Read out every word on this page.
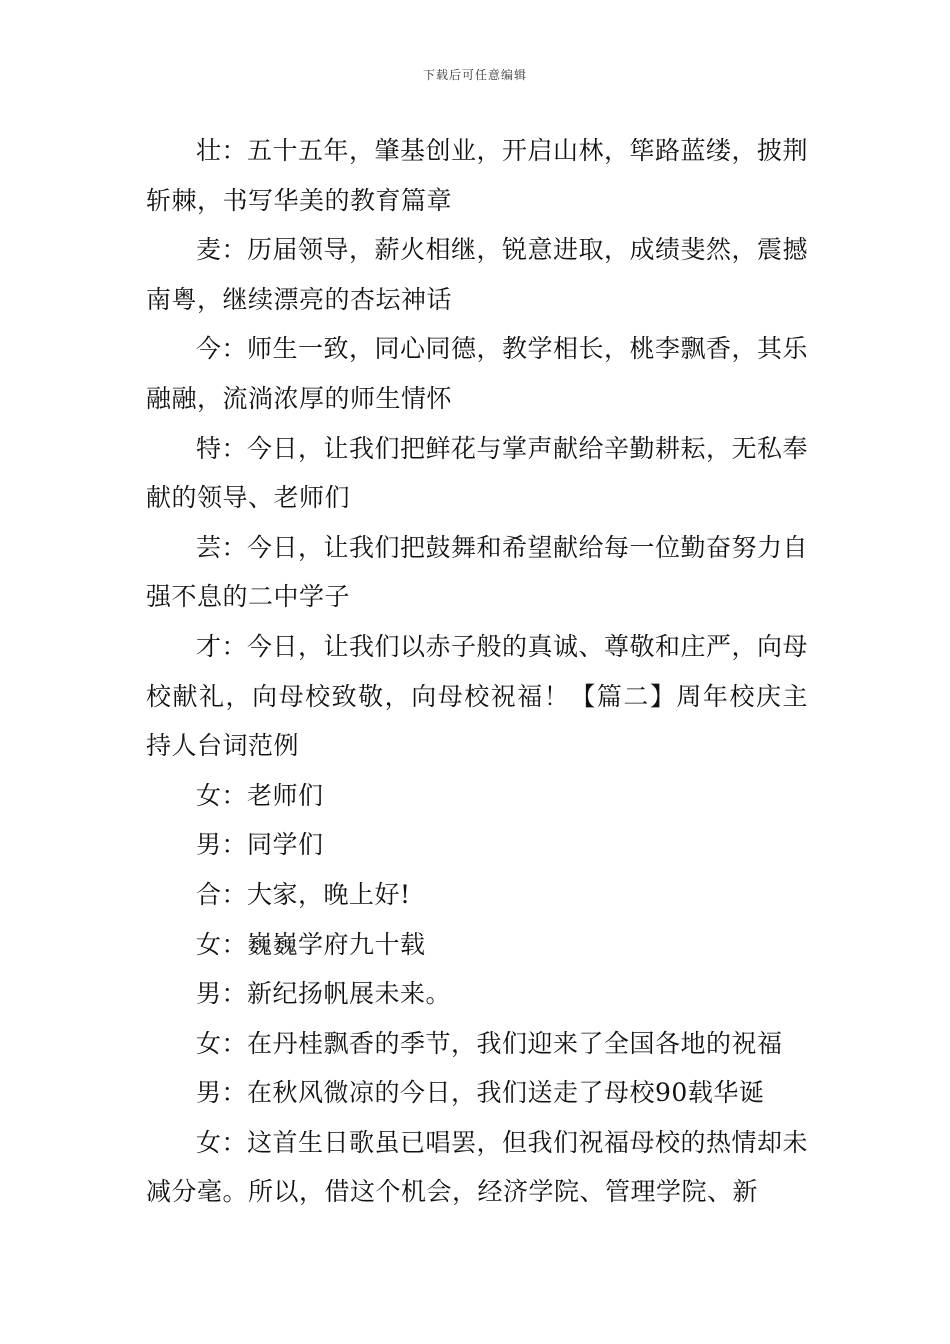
下载后可任意编辑

壮：五十五年，肇基创业，开启山林，筚路蓝缕，披荆斩棘，书写华美的教育篇章

麦：历届领导，薪火相继，锐意进取，成绩斐然，震撼南粤，继续漂亮的杏坛神话

今：师生一致，同心同德，教学相长，桃李飘香，其乐融融，流淌浓厚的师生情怀

特：今日，让我们把鲜花与掌声献给辛勤耕耘，无私奉献的领导、老师们

芸：今日，让我们把鼓舞和希望献给每一位勤奋努力自强不息的二中学子

才：今日，让我们以赤子般的真诚、尊敬和庄严，向母校献礼，向母校致敬，向母校祝福！【篇二】周年校庆主持人台词范例

女：老师们

男：同学们

合：大家，晚上好!

女：巍巍学府九十载

男：新纪扬帆展未来。

女：在丹桂飘香的季节，我们迎来了全国各地的祝福

男：在秋风微凉的今日，我们送走了母校90载华诞

女：这首生日歌虽已唱罢，但我们祝福母校的热情却未减分毫。所以，借这个机会，经济学院、管理学院、新
